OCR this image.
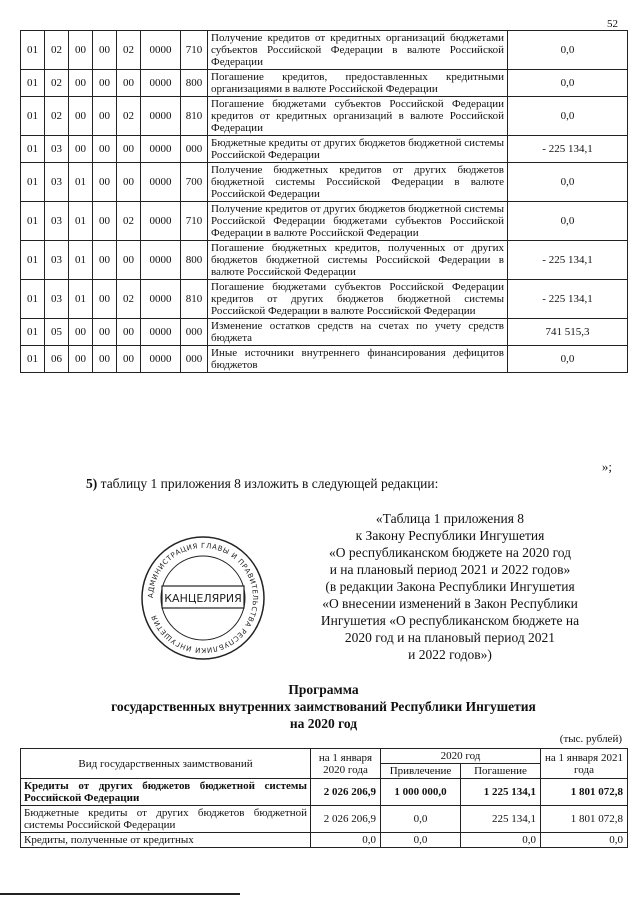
52
01	02	00	00	02	0000	710	Получение кредитов от кредитных организаций бюджетами субъектов Российской Федерации в валюте Российской Федерации	0,0
01	02	00	00	00	0000	800	Погашение кредитов, предоставленных кредитными организациями в валюте Российской Федерации	0,0
01	02	00	00	02	0000	810	Погашение бюджетами субъектов Российской Федерации кредитов от кредитных организаций в валюте Российской Федерации	0,0
01	03	00	00	00	0000	000	Бюджетные кредиты от других бюджетов бюджетной системы Российской Федерации	- 225 134,1
01	03	01	00	00	0000	700	Получение бюджетных кредитов от других бюджетов бюджетной системы Российской Федерации в валюте Российской Федерации	0,0
01	03	01	00	02	0000	710	Получение кредитов от других бюджетов бюджетной системы Российской Федерации бюджетами субъектов Российской Федерации в валюте Российской Федерации	0,0
01	03	01	00	00	0000	800	Погашение бюджетных кредитов, полученных от других бюджетов бюджетной системы Российской Федерации в валюте Российской Федерации	- 225 134,1
01	03	01	00	02	0000	810	Погашение бюджетами субъектов Российской Федерации кредитов от других бюджетов бюджетной системы Российской Федерации в валюте Российской Федерации	- 225 134,1
01	05	00	00	00	0000	000	Изменение остатков средств на счетах по учету средств бюджета	741 515,3
01	06	00	00	00	0000	000	Иные источники внутреннего финансирования дефицитов бюджетов	0,0
»;
5) таблицу 1 приложения 8 изложить в следующей редакции:
АДМИНИСТРАЦИЯ ГЛАВЫ И ПРАВИТЕЛЬСТВА РЕСПУБЛИКИ ИНГУШЕТИЯ
КАНЦЕЛЯРИЯ
«Таблица 1 приложения 8
к Закону Республики Ингушетия
«О республиканском бюджете на 2020 год
и на плановый период 2021 и 2022 годов»
(в редакции Закона Республики Ингушетия
«О внесении изменений в Закон Республики
Ингушетия «О республиканском бюджете на
2020 год и на плановый период 2021
и 2022 годов»)
Программа
государственных внутренних заимствований Республики Ингушетия
на 2020 год
(тыс. рублей)
Вид государственных заимствований	на 1 января 2020 года	2020 год		на 1 января 2021 года
		Привлечение	Погашение	
Кредиты от других бюджетов бюджетной системы Российской Федерации	2 026 206,9	1 000 000,0	1 225 134,1	1 801 072,8
Бюджетные кредиты от других бюджетов бюджетной системы Российской Федерации	2 026 206,9	0,0	225 134,1	1 801 072,8
Кредиты, полученные от кредитных	0,0	0,0	0,0	0,0
